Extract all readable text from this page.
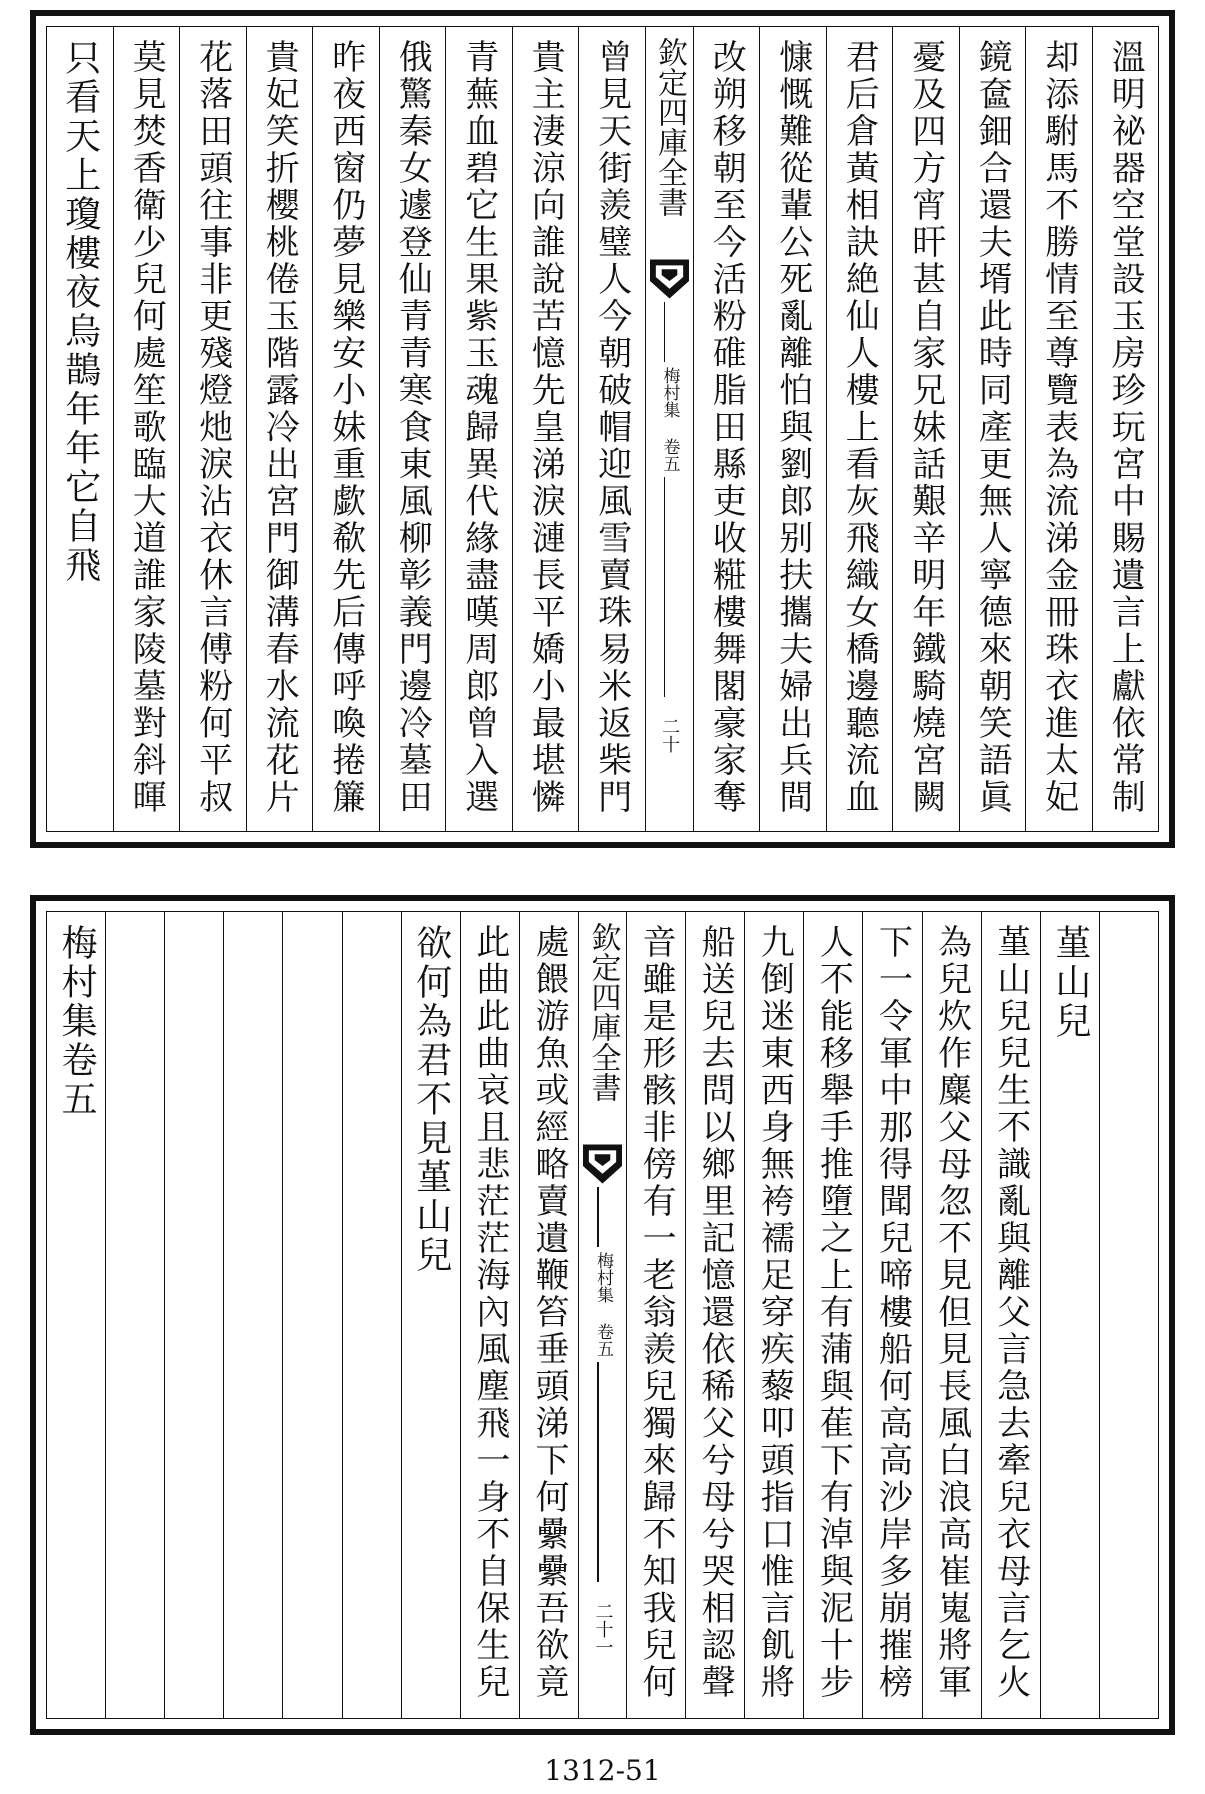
溫明祕器空堂設玉房珍玩宮中賜遺言上獻依常制
却添駙馬不勝情至尊覽表為流涕金冊珠衣進太妃
鏡奩鈿合還夫壻此時同產更無人寧德來朝笑語眞
憂及四方宵旰甚自家兄妹話艱辛明年鐵騎燒宮闕
君后倉黃相訣絶仙人樓上看灰飛織女橋邊聽流血
慷慨難從輩公死亂離怕與劉郎别扶攜夫婦出兵間
改朔移朝至今活粉碓脂田縣吏收糚樓舞閣豪家奪
欽定四庫全書
梅村集 卷五
二十
曾見天街羨璧人今朝破帽迎風雪賣珠易米返柴門
貴主淒涼向誰說苦憶先皇涕淚漣長平嬌小最堪憐
青蕪血碧它生果紫玉魂歸異代緣盡嘆周郎曾入選
俄驚秦女遽登仙青青寒食東風柳彰義門邊冷墓田
昨夜西窗仍夢見樂安小妹重歔欷先后傳呼喚捲簾
貴妃笑折櫻桃倦玉階露冷出宮門御溝春水流花片
花落田頭往事非更殘燈灺淚沾衣休言傅粉何平叔
莫見焚香衛少兒何處笙歌臨大道誰家陵墓對斜暉
只看天上瓊樓夜烏鵲年年它自飛
堇山兒
堇山兒兒生不識亂與離父言急去牽兒衣母言乞火
為兒炊作麋父母忽不見但見長風白浪高崔嵬將軍
下一令軍中那得聞兒啼樓船何高高沙岸多崩摧榜
人不能移舉手推墮之上有蒲與萑下有淖與泥十步
九倒迷東西身無袴襦足穿疾藜叩頭指口惟言飢將
船送兒去問以鄉里記憶還依稀父兮母兮哭相認聲
音雖是形骸非傍有一老翁羨兒獨來歸不知我兒何
欽定四庫全書
梅村集 卷五
二十一
處餵游魚或經略賣遺鞭笞垂頭涕下何纍纍吾欲竟
此曲此曲哀且悲茫茫海內風塵飛一身不自保生兒
欲何為君不見堇山兒
梅村集卷五
1312-51
